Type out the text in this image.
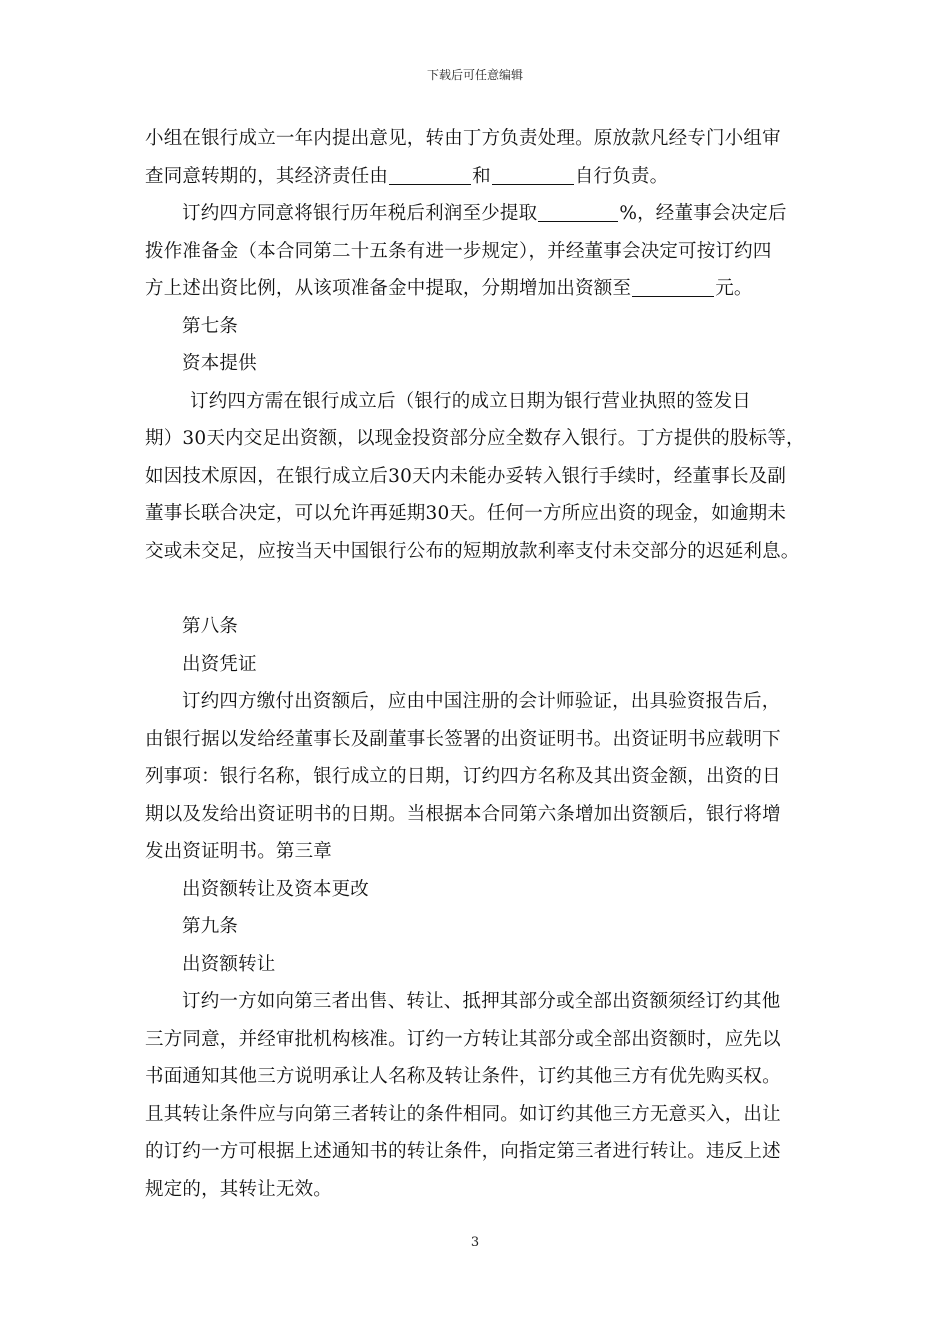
下载后可任意编辑
小组在银行成立一年内提出意见，转由丁方负责处理。原放款凡经专门小组审
查同意转期的，其经济责任由	和	自行负责。
订约四方同意将银行历年税后利润至少提取	%，经董事会决定后
拨作准备金（本合同第二十五条有进一步规定），并经董事会决定可按订约四
方上述出资比例，从该项准备金中提取，分期增加出资额至	元。
第七条
资本提供
订约四方需在银行成立后（银行的成立日期为银行营业执照的签发日
期）30天内交足出资额，以现金投资部分应全数存入银行。丁方提供的股标等，
如因技术原因，在银行成立后30天内未能办妥转入银行手续时，经董事长及副
董事长联合决定，可以允许再延期30天。任何一方所应出资的现金，如逾期未
交或未交足，应按当天中国银行公布的短期放款利率支付未交部分的迟延利息。
第八条
出资凭证
订约四方缴付出资额后，应由中国注册的会计师验证，出具验资报告后，
由银行据以发给经董事长及副董事长签署的出资证明书。出资证明书应载明下
列事项：银行名称，银行成立的日期，订约四方名称及其出资金额，出资的日
期以及发给出资证明书的日期。当根据本合同第六条增加出资额后，银行将增
发出资证明书。第三章
出资额转让及资本更改
第九条
出资额转让
订约一方如向第三者出售、转让、抵押其部分或全部出资额须经订约其他
三方同意，并经审批机构核准。订约一方转让其部分或全部出资额时，应先以
书面通知其他三方说明承让人名称及转让条件，订约其他三方有优先购买权。
且其转让条件应与向第三者转让的条件相同。如订约其他三方无意买入，出让
的订约一方可根据上述通知书的转让条件，向指定第三者进行转让。违反上述
规定的，其转让无效。
3
